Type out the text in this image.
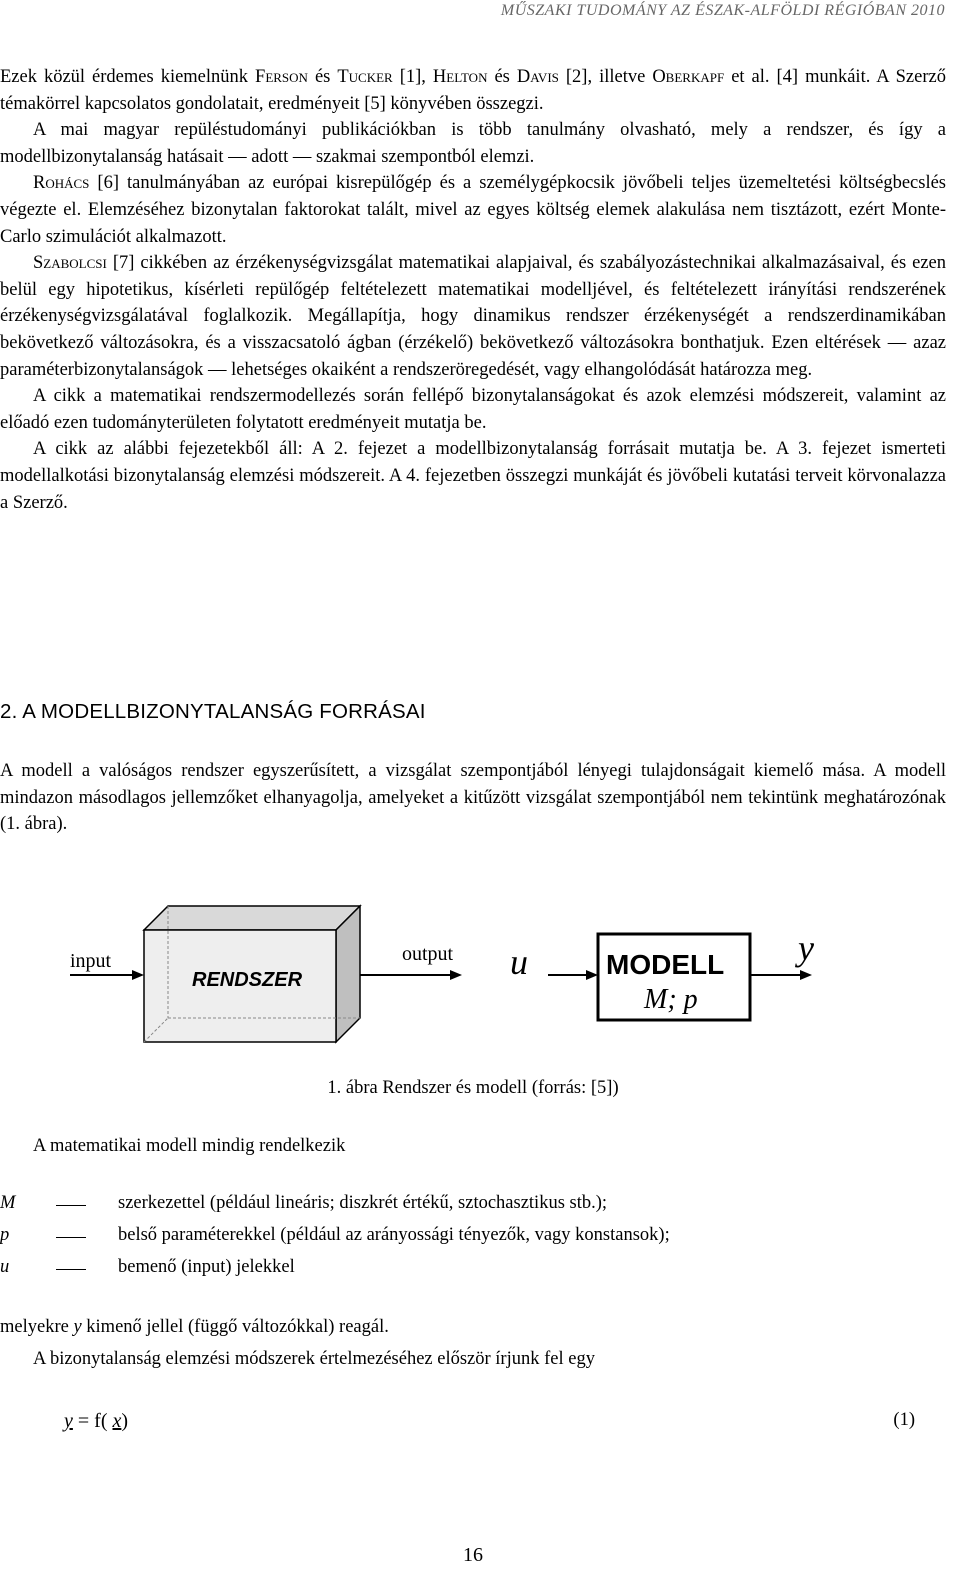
MŰSZAKI TUDOMÁNY AZ ÉSZAK-ALFÖLDI RÉGIÓBAN 2010

Ezek közül érdemes kiemelnünk Ferson és Tucker [1], Helton és Davis [2], illetve Oberkapf et al. [4] munkáit. A Szerző témakörrel kapcsolatos gondolatait, eredményeit [5] könyvében összegzi.

A mai magyar repüléstudományi publikációkban is több tanulmány olvasható, mely a rendszer, és így a modellbizonytalanság hatásait — adott — szakmai szempontból elemzi.

Rohács [6] tanulmányában az európai kisrepülőgép és a személygépkocsik jövőbeli teljes üzemeltetési költségbecslés végezte el. Elemzéséhez bizonytalan faktorokat talált, mivel az egyes költség elemek alakulása nem tisztázott, ezért Monte-Carlo szimulációt alkalmazott.

Szabolcsi [7] cikkében az érzékenységvizsgálat matematikai alapjaival, és szabályozástechnikai alkalmazásaival, és ezen belül egy hipotetikus, kísérleti repülőgép feltételezett matematikai modelljével, és feltételezett irányítási rendszerének érzékenységvizsgálatával foglalkozik. Megállapítja, hogy dinamikus rendszer érzékenységét a rendszerdinamikában bekövetkező változásokra, és a visszacsatoló ágban (érzékelő) bekövetkező változásokra bonthatjuk. Ezen eltérések — azaz paraméterbizonytalanságok — lehetséges okaiként a rendszeröregedését, vagy elhangolódását határozza meg.

A cikk a matematikai rendszermodellezés során fellépő bizonytalanságokat és azok elemzési módszereit, valamint az előadó ezen tudományterületen folytatott eredményeit mutatja be.

A cikk az alábbi fejezetekből áll: A 2. fejezet a modellbizonytalanság forrásait mutatja be. A 3. fejezet ismerteti modellalkotási bizonytalanság elemzési módszereit. A 4. fejezetben összegzi munkáját és jövőbeli kutatási terveit körvonalazza a Szerző.

2. A MODELLBIZONYTALANSÁG FORRÁSAI

A modell a valóságos rendszer egyszerűsített, a vizsgálat szempontjából lényegi tulajdonságait kiemelő mása. A modell mindazon másodlagos jellemzőket elhanyagolja, amelyeket a kitűzött vizsgálat szempontjából nem tekintünk meghatározónak (1. ábra).

input
RENDSZER
output u	MODELL
M; p
y
1. ábra Rendszer és modell (forrás: [5])
A matematikai modell mindig rendelkezik
M	szerkezettel (például lineáris; diszkrét értékű, sztochasztikus stb.);
p	belső paraméterekkel (például az arányossági tényezők, vagy konstansok);
u	bemenő (input) jelekkel
melyekre y kimenő jellel (függő változókkal) reagál.
A bizonytalanság elemzési módszerek értelmezéséhez először írjunk fel egy
y = f( x)	(1)
16
